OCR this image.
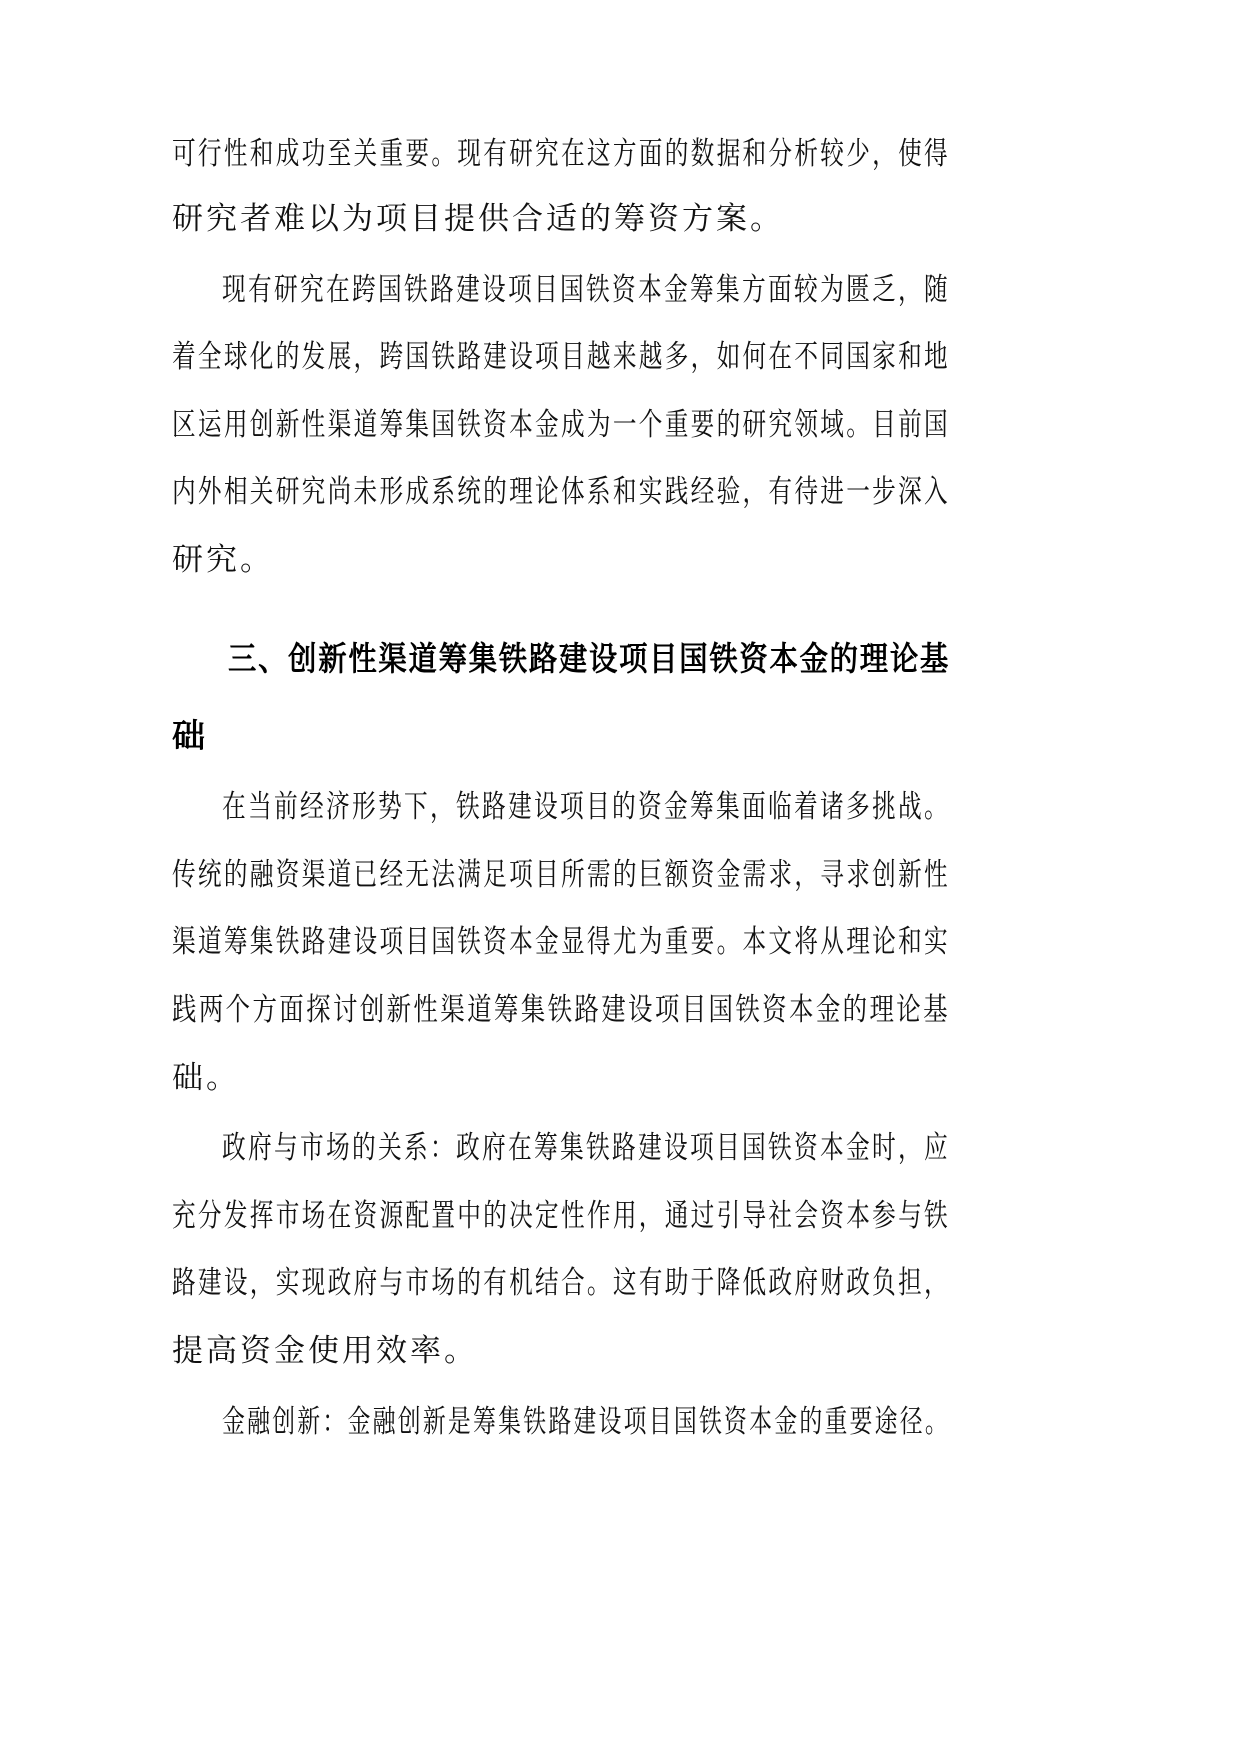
可行性和成功至关重要。现有研究在这方面的数据和分析较少，使得
研究者难以为项目提供合适的筹资方案。
现有研究在跨国铁路建设项目国铁资本金筹集方面较为匮乏，随
着全球化的发展，跨国铁路建设项目越来越多，如何在不同国家和地
区运用创新性渠道筹集国铁资本金成为一个重要的研究领域。目前国
内外相关研究尚未形成系统的理论体系和实践经验，有待进一步深入
研究。
三、创新性渠道筹集铁路建设项目国铁资本金的理论基
础
在当前经济形势下，铁路建设项目的资金筹集面临着诸多挑战。
传统的融资渠道已经无法满足项目所需的巨额资金需求，寻求创新性
渠道筹集铁路建设项目国铁资本金显得尤为重要。本文将从理论和实
践两个方面探讨创新性渠道筹集铁路建设项目国铁资本金的理论基
础。
政府与市场的关系：政府在筹集铁路建设项目国铁资本金时，应
充分发挥市场在资源配置中的决定性作用，通过引导社会资本参与铁
路建设，实现政府与市场的有机结合。这有助于降低政府财政负担，
提高资金使用效率。
金融创新：金融创新是筹集铁路建设项目国铁资本金的重要途径。
